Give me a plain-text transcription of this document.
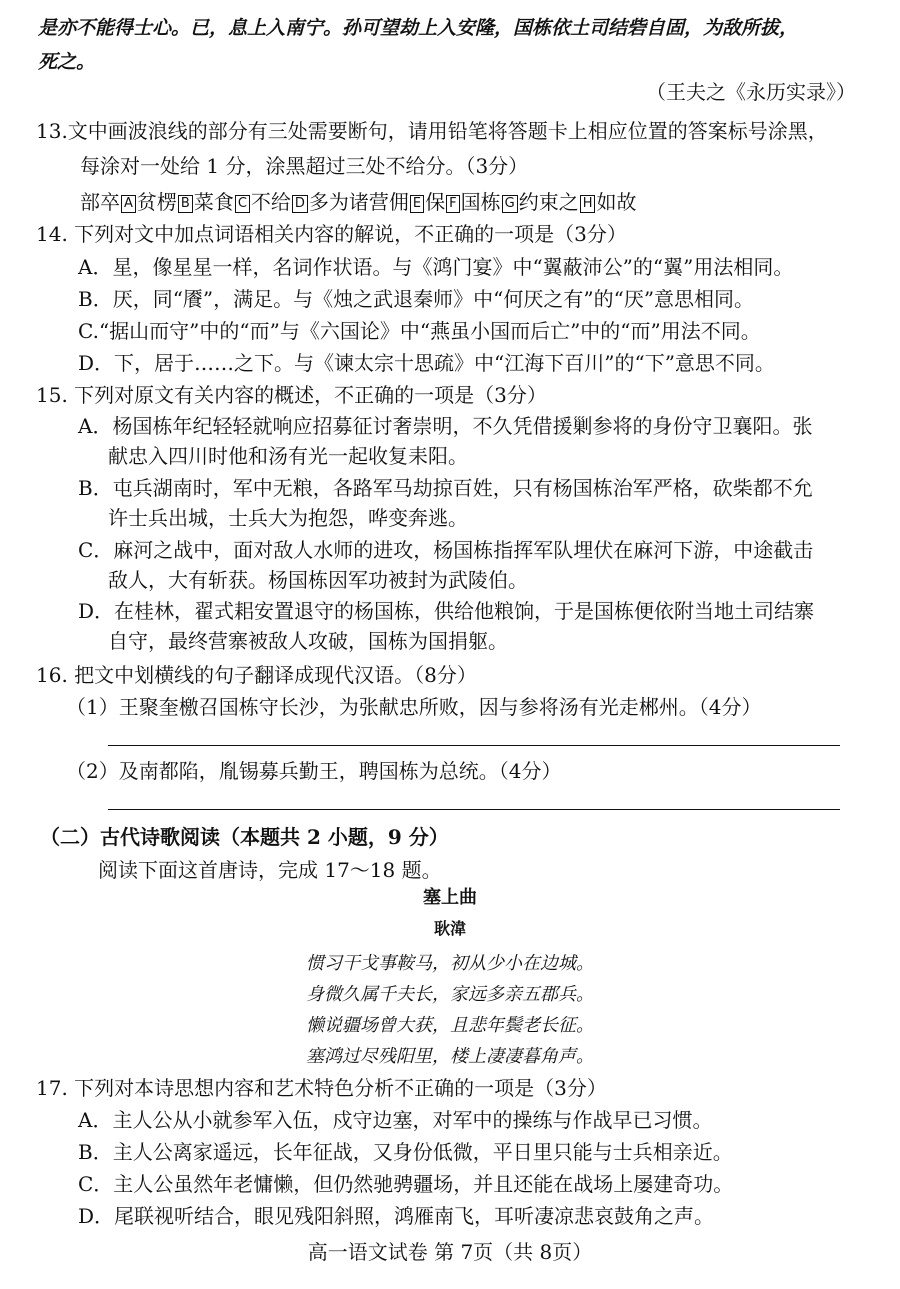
是亦不能得士心。已，息上入南宁。孙可望劫上入安隆，国栋依土司结砦自固，为敌所拔，
死之。
（王夫之《永历实录》）
13.文中画波浪线的部分有三处需要断句，请用铅笔将答题卡上相应位置的答案标号涂黑，
每涂对一处给 1 分，涂黑超过三处不给分。（3分）
部卒 A 贫楞 B 菜食 C 不给 D 多为诸营佣 E 保 F 国栋 G 约束之 H 如故
14. 下列对文中加点词语相关内容的解说，不正确的一项是（3分）
A．星，像星星一样，名词作状语。与《鸿门宴》中“翼蔽沛公”的“翼”用法相同。
B．厌，同“餍”，满足。与《烛之武退秦师》中“何厌之有”的“厌”意思相同。
C.“据山而守”中的“而”与《六国论》中“燕虽小国而后亡”中的“而”用法不同。
D．下，居于……之下。与《谏太宗十思疏》中“江海下百川”的“下”意思不同。
15. 下列对原文有关内容的概述，不正确的一项是（3分）
A．杨国栋年纪轻轻就响应招募征讨奢崇明，不久凭借援剿参将的身份守卫襄阳。张
献忠入四川时他和汤有光一起收复耒阳。
B．屯兵湖南时，军中无粮，各路军马劫掠百姓，只有杨国栋治军严格，砍柴都不允
许士兵出城，士兵大为抱怨，哗变奔逃。
C．麻河之战中，面对敌人水师的进攻，杨国栋指挥军队埋伏在麻河下游，中途截击
敌人，大有斩获。杨国栋因军功被封为武陵伯。
D．在桂林，翟式耜安置退守的杨国栋，供给他粮饷，于是国栋便依附当地土司结寨
自守，最终营寨被敌人攻破，国栋为国捐躯。
16. 把文中划横线的句子翻译成现代汉语。（8分）
（1）王聚奎檄召国栋守长沙，为张献忠所败，因与参将汤有光走郴州。（4分）
（2）及南都陷，胤锡募兵勤王，聘国栋为总统。（4分）
（二）古代诗歌阅读（本题共 2 小题，9 分）
阅读下面这首唐诗，完成 17～18 题。
塞上曲
耿湋
惯习干戈事鞍马，初从少小在边城。
身微久属千夫长，家远多亲五郡兵。
懒说疆场曾大获，且悲年鬓老长征。
塞鸿过尽残阳里，楼上凄凄暮角声。
17. 下列对本诗思想内容和艺术特色分析不正确的一项是（3分）
A．主人公从小就参军入伍，戍守边塞，对军中的操练与作战早已习惯。
B．主人公离家遥远，长年征战，又身份低微，平日里只能与士兵相亲近。
C．主人公虽然年老慵懒，但仍然驰骋疆场，并且还能在战场上屡建奇功。
D．尾联视听结合，眼见残阳斜照，鸿雁南飞，耳听凄凉悲哀鼓角之声。
高一语文试卷 第 7页（共 8页）
